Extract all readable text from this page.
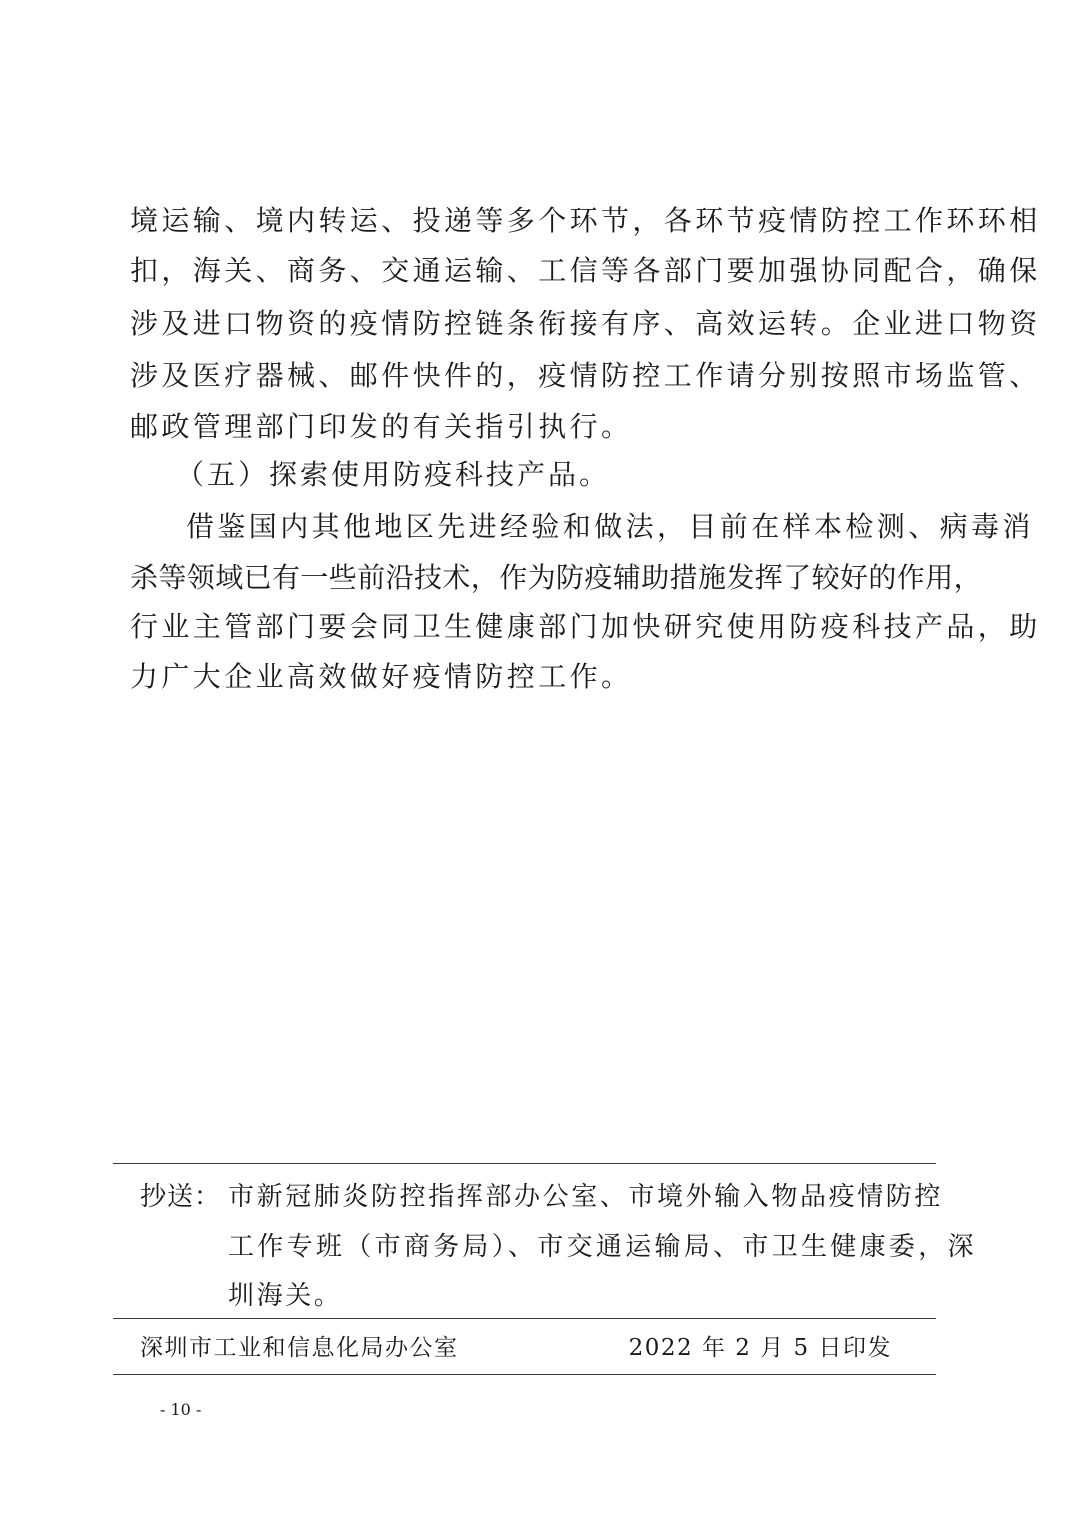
境运输、境内转运、投递等多个环节，各环节疫情防控工作环环相
扣，海关、商务、交通运输、工信等各部门要加强协同配合，确保
涉及进口物资的疫情防控链条衔接有序、高效运转。企业进口物资
涉及医疗器械、邮件快件的，疫情防控工作请分别按照市场监管、
邮政管理部门印发的有关指引执行。
（五）探索使用防疫科技产品。
借鉴国内其他地区先进经验和做法，目前在样本检测、病毒消
杀等领域已有一些前沿技术，作为防疫辅助措施发挥了较好的作用，
行业主管部门要会同卫生健康部门加快研究使用防疫科技产品，助
力广大企业高效做好疫情防控工作。
抄送： 市新冠肺炎防控指挥部办公室、市境外输入物品疫情防控
工作专班（市商务局）、市交通运输局、市卫生健康委，深
圳海关。
深圳市工业和信息化局办公室	2022 年 2 月 5 日印发
- 10 -
